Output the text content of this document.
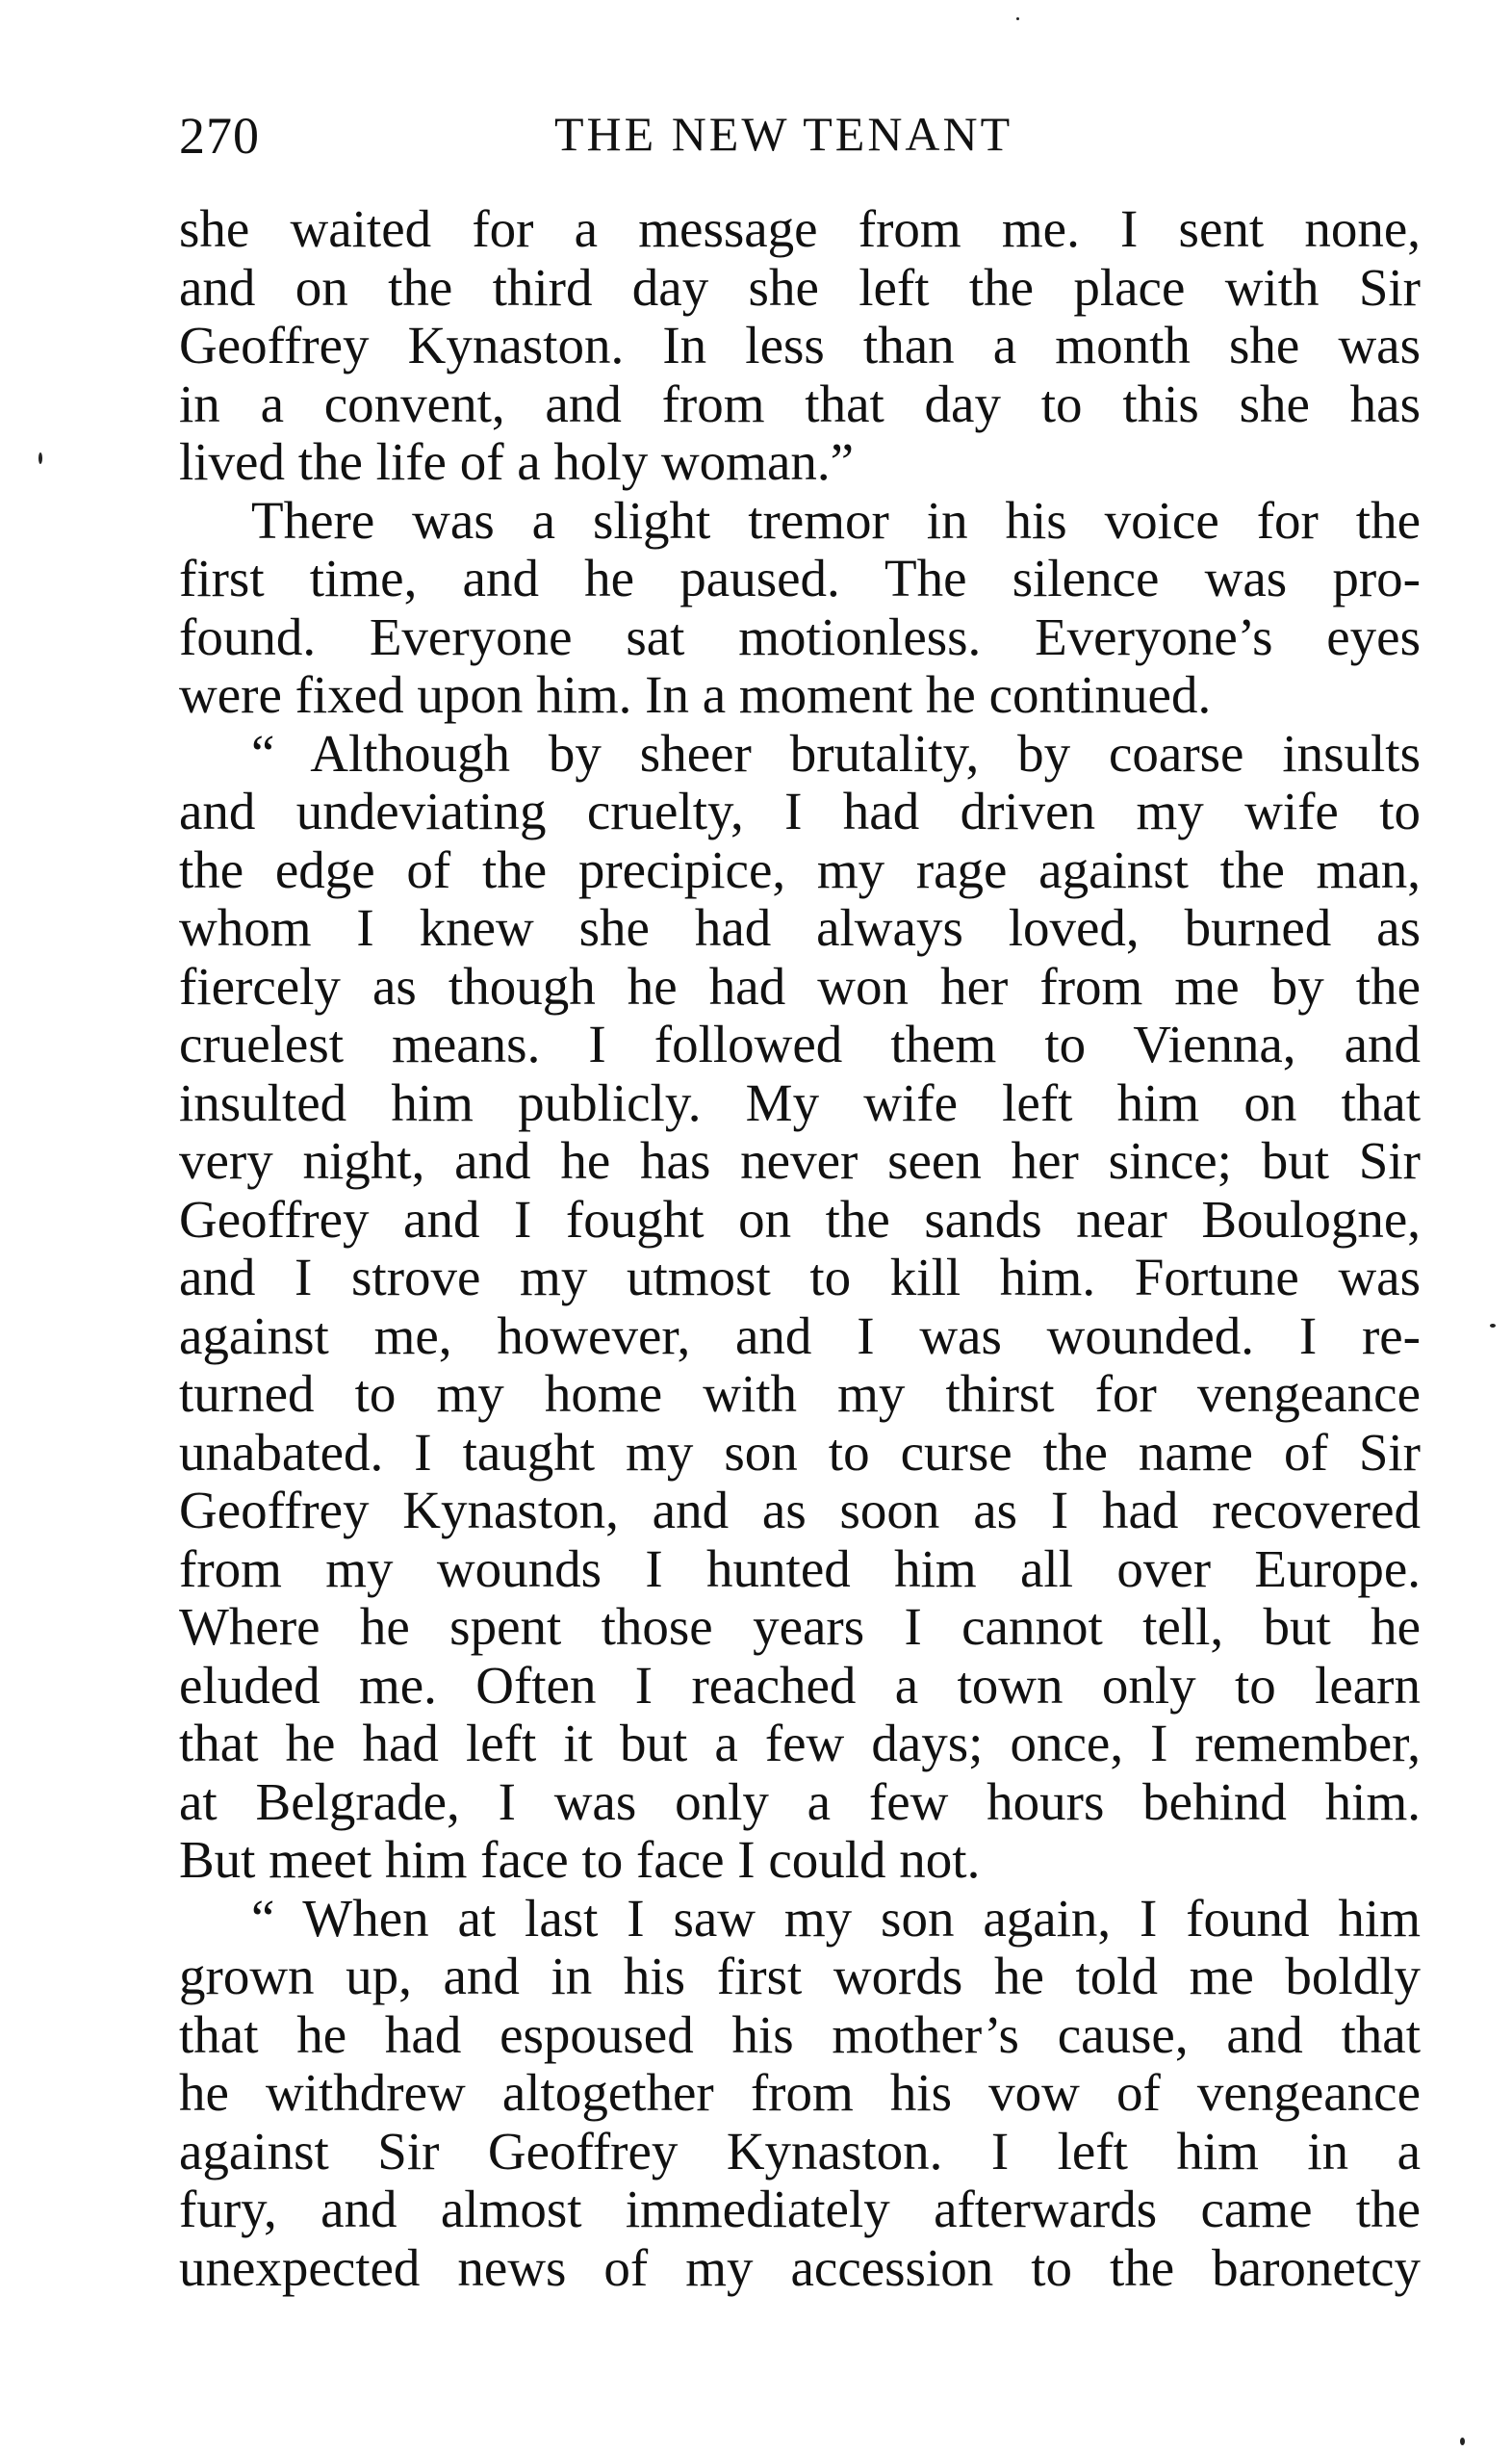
270	THE NEW TENANT
she waited for a message from me. I sent none,
and on the third day she left the place with Sir
Geoffrey Kynaston. In less than a month she was
in a convent, and from that day to this she has
lived the life of a holy woman.”
There was a slight tremor in his voice for the
first time, and he paused. The silence was pro-
found. Everyone sat motionless. Everyone’s eyes
were fixed upon him. In a moment he continued.
“ Although by sheer brutality, by coarse insults
and undeviating cruelty, I had driven my wife to
the edge of the precipice, my rage against the man,
whom I knew she had always loved, burned as
fiercely as though he had won her from me by the
cruelest means. I followed them to Vienna, and
insulted him publicly. My wife left him on that
very night, and he has never seen her since; but Sir
Geoffrey and I fought on the sands near Boulogne,
and I strove my utmost to kill him. Fortune was
against me, however, and I was wounded. I re-
turned to my home with my thirst for vengeance
unabated. I taught my son to curse the name of Sir
Geoffrey Kynaston, and as soon as I had recovered
from my wounds I hunted him all over Europe.
Where he spent those years I cannot tell, but he
eluded me. Often I reached a town only to learn
that he had left it but a few days; once, I remember,
at Belgrade, I was only a few hours behind him.
But meet him face to face I could not.
“ When at last I saw my son again, I found him
grown up, and in his first words he told me boldly
that he had espoused his mother’s cause, and that
he withdrew altogether from his vow of vengeance
against Sir Geoffrey Kynaston. I left him in a
fury, and almost immediately afterwards came the
unexpected news of my accession to the baronetcy
